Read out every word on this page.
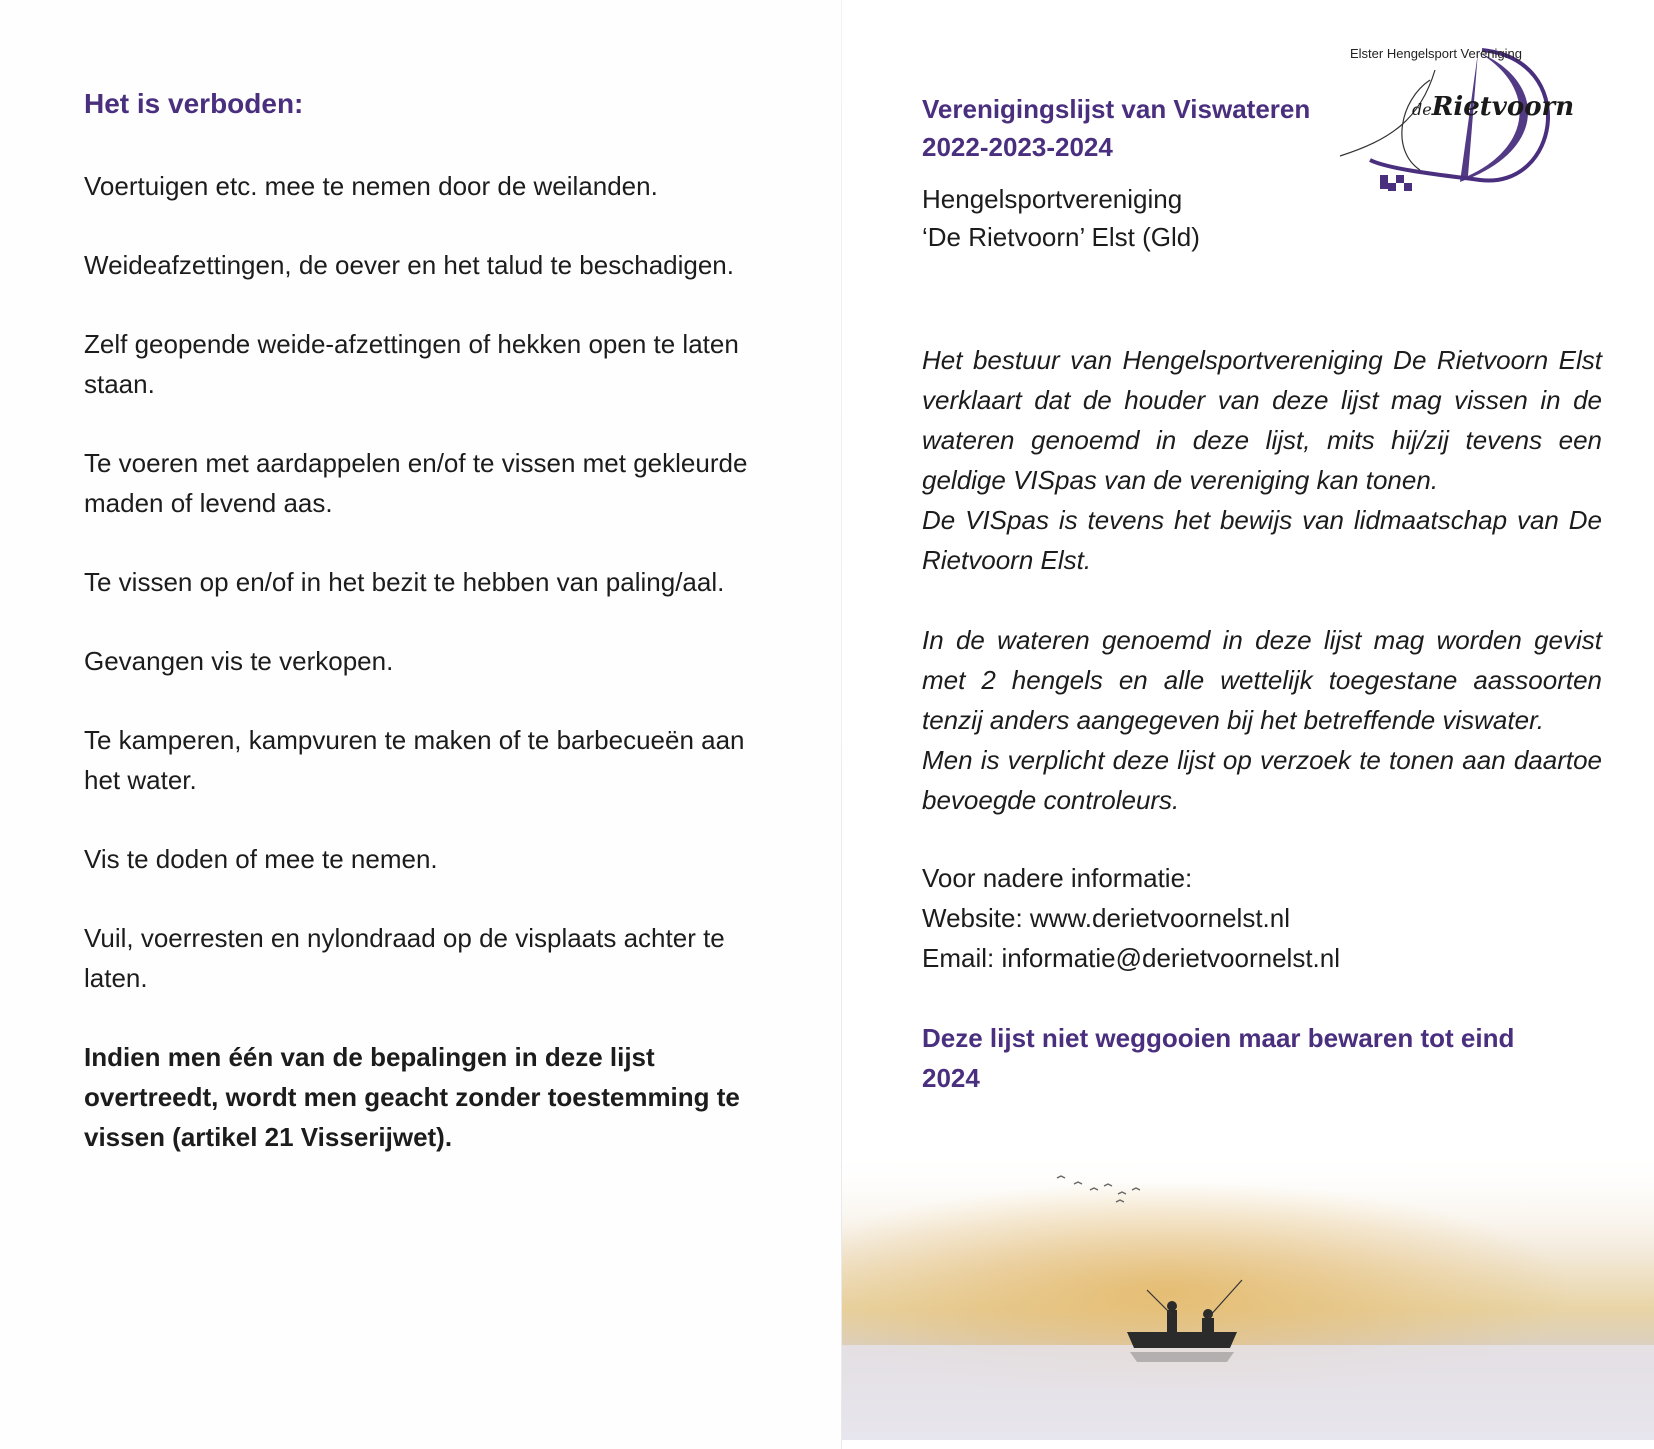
Het is verboden:
Voertuigen etc. mee te nemen door de weilanden.
Weideafzettingen, de oever en het talud te beschadigen.
Zelf geopende weide-afzettingen of hekken open te laten staan.
Te voeren met aardappelen en/of te vissen met gekleurde maden of levend aas.
Te vissen op en/of in het bezit te hebben van paling/aal.
Gevangen vis te verkopen.
Te kamperen, kampvuren te maken of te barbecueën aan het water.
Vis te doden of mee te nemen.
Vuil, voerresten en nylondraad op de visplaats achter te laten.
Indien men één van de bepalingen in deze lijst overtreedt, wordt men geacht zonder toestemming te vissen (artikel 21 Visserijwet).
Verenigingslijst van Viswateren 2022-2023-2024
Hengelsportvereniging
‘De Rietvoorn’ Elst (Gld)
Elster Hengelsport Vereniging
deRietvoorn

Het bestuur van Hengelsportvereniging De Rietvoorn Elst verklaart dat de houder van deze lijst mag vissen in de wateren genoemd in deze lijst, mits hij/zij tevens een geldige VISpas van de vereniging kan tonen.

De VISpas is tevens het bewijs van lidmaatschap van De Rietvoorn Elst.

In de wateren genoemd in deze lijst mag worden gevist met 2 hengels en alle wettelijk toegestane aassoorten tenzij anders aangegeven bij het betreffende viswater.

Men is verplicht deze lijst op verzoek te tonen aan daartoe bevoegde controleurs.

Voor nadere informatie:
Website: www.derietvoornelst.nl
Email: informatie@derietvoornelst.nl

Deze lijst niet weggooien maar bewaren tot eind 2024
